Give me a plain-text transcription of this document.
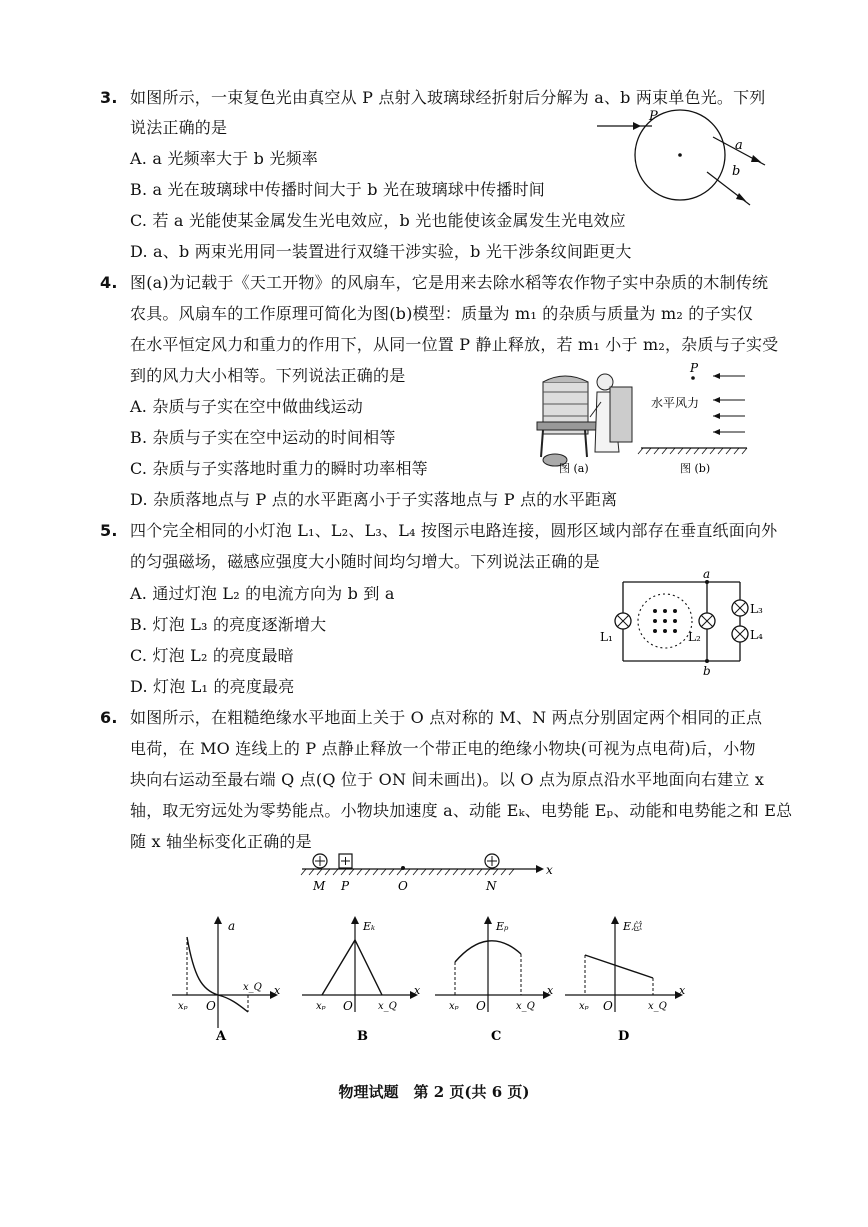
3. 如图所示，一束复色光由真空从 P 点射入玻璃球经折射后分解为 a、b 两束单色光。下列
说法正确的是
A. a 光频率大于 b 光频率
B. a 光在玻璃球中传播时间大于 b 光在玻璃球中传播时间
C. 若 a 光能使某金属发生光电效应，b 光也能使该金属发生光电效应
D. a、b 两束光用同一装置进行双缝干涉实验，b 光干涉条纹间距更大
P
a
b
4. 图(a)为记载于《天工开物》的风扇车，它是用来去除水稻等农作物子实中杂质的木制传统
农具。风扇车的工作原理可简化为图(b)模型：质量为 m₁ 的杂质与质量为 m₂ 的子实仅
在水平恒定风力和重力的作用下，从同一位置 P 静止释放，若 m₁ 小于 m₂，杂质与子实受
到的风力大小相等。下列说法正确的是
A. 杂质与子实在空中做曲线运动
B. 杂质与子实在空中运动的时间相等
C. 杂质与子实落地时重力的瞬时功率相等
D. 杂质落地点与 P 点的水平距离小于子实落地点与 P 点的水平距离
图 (a)
P
水平风力
图 (b)
5. 四个完全相同的小灯泡 L₁、L₂、L₃、L₄ 按图示电路连接，圆形区域内部存在垂直纸面向外
的匀强磁场，磁感应强度大小随时间均匀增大。下列说法正确的是
A. 通过灯泡 L₂ 的电流方向为 b 到 a
B. 灯泡 L₃ 的亮度逐渐增大
C. 灯泡 L₂ 的亮度最暗
D. 灯泡 L₁ 的亮度最亮
a
b
L₁	L₂
L₃
L₄
6. 如图所示，在粗糙绝缘水平地面上关于 O 点对称的 M、N 两点分别固定两个相同的正点
电荷，在 MO 连线上的 P 点静止释放一个带正电的绝缘小物块(可视为点电荷)后，小物
块向右运动至最右端 Q 点(Q 位于 ON 间未画出)。以 O 点为原点沿水平地面向右建立 x
轴，取无穷远处为零势能点。小物块加速度 a、动能 Eₖ、电势能 Eₚ、动能和电势能之和 E总
随 x 轴坐标变化正确的是
M P	O	N
x
a
xₚ O
x_Q x
A
Eₖ
xₚ O	x_Q
x
B
Eₚ
xₚ O	x_Q
x
C
E总
xₚ O	x_Q
x
D
物理试题　第 2 页(共 6 页)
